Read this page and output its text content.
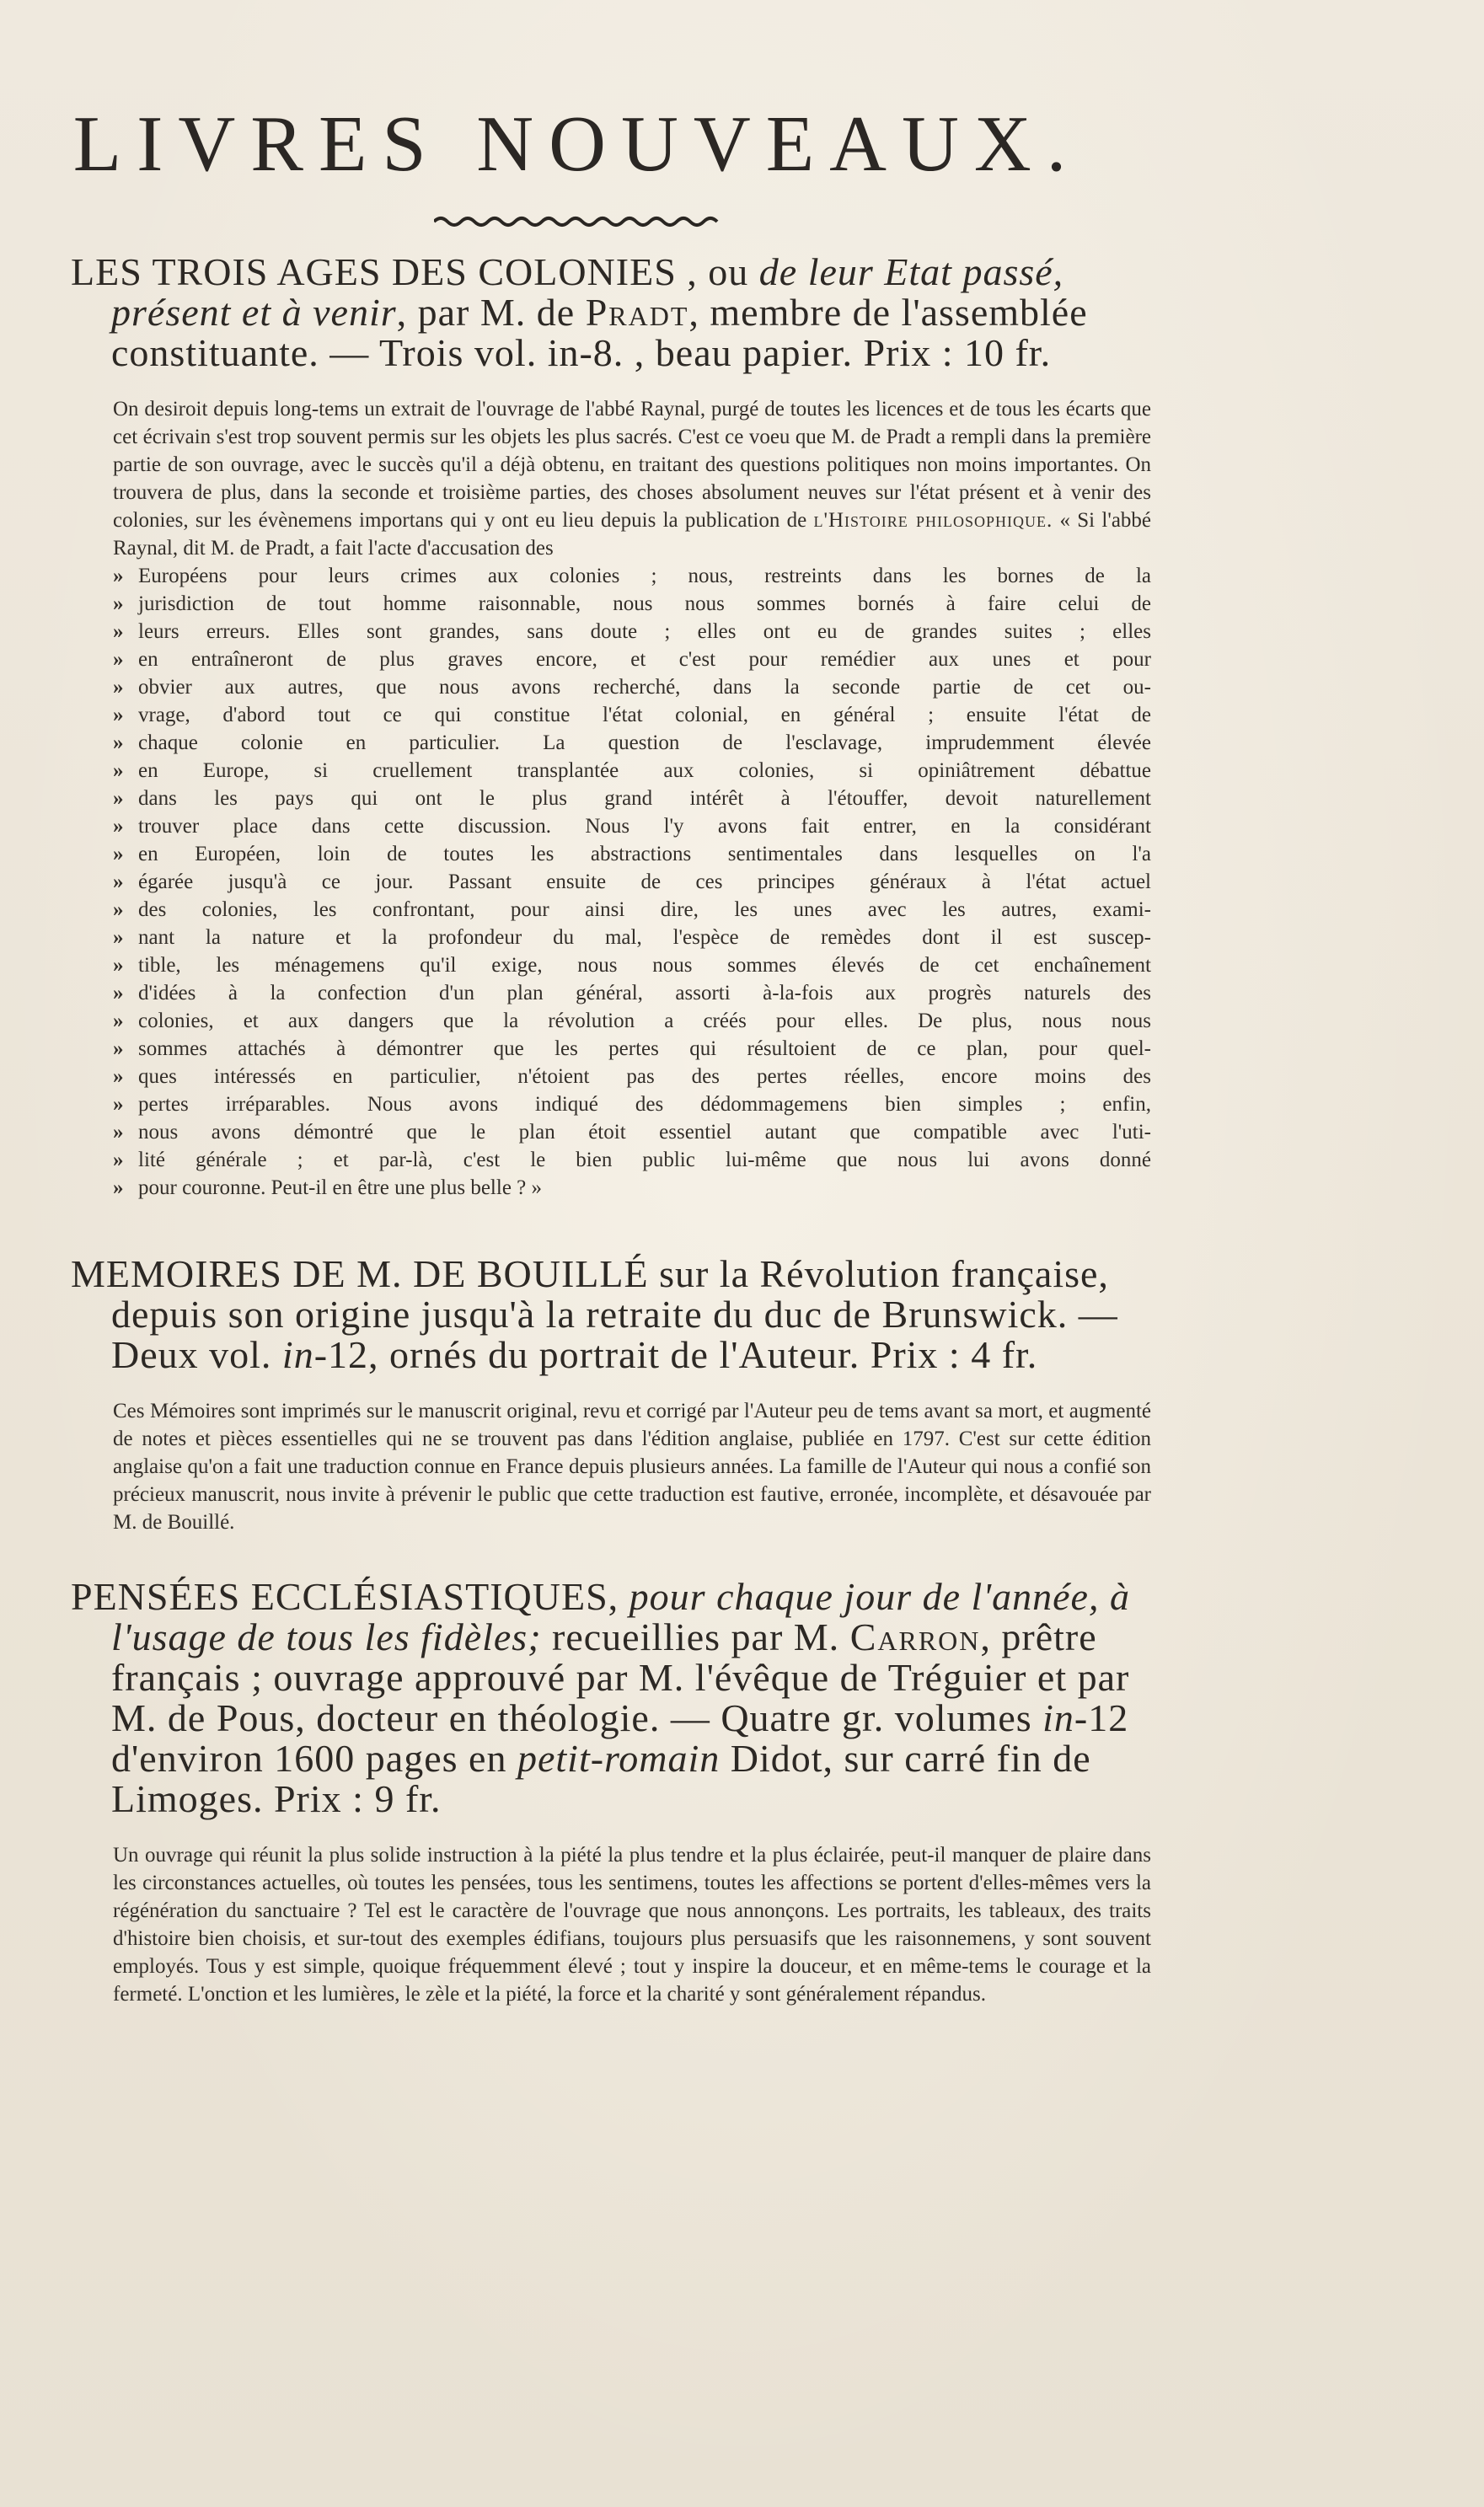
LIVRES NOUVEAUX.

LES TROIS AGES DES COLONIES , ou de leur Etat passé, présent et à venir, par M. de Pradt, membre de l'assemblée constituante. — Trois vol. in-8. , beau papier. Prix : 10 fr.

On desiroit depuis long-tems un extrait de l'ouvrage de l'abbé Raynal, purgé de toutes les licences et de tous les écarts que cet écrivain s'est trop souvent permis sur les objets les plus sacrés. C'est ce voeu que M. de Pradt a rempli dans la première partie de son ouvrage, avec le succès qu'il a déjà obtenu, en traitant des questions politiques non moins importantes. On trouvera de plus, dans la seconde et troisième parties, des choses absolument neuves sur l'état présent et à venir des colonies, sur les évènemens importans qui y ont eu lieu depuis la publication de l'Histoire philosophique. « Si l'abbé Raynal, dit M. de Pradt, a fait l'acte d'accusation des

» Européens pour leurs crimes aux colonies ; nous, restreints dans les bornes de la
» jurisdiction de tout homme raisonnable, nous nous sommes bornés à faire celui de
» leurs erreurs. Elles sont grandes, sans doute ; elles ont eu de grandes suites ; elles
» en entraîneront de plus graves encore, et c'est pour remédier aux unes et pour
» obvier aux autres, que nous avons recherché, dans la seconde partie de cet ou-
» vrage, d'abord tout ce qui constitue l'état colonial, en général ; ensuite l'état de
» chaque colonie en particulier. La question de l'esclavage, imprudemment élevée
» en Europe, si cruellement transplantée aux colonies, si opiniâtrement débattue
» dans les pays qui ont le plus grand intérêt à l'étouffer, devoit naturellement
» trouver place dans cette discussion. Nous l'y avons fait entrer, en la considérant
» en Européen, loin de toutes les abstractions sentimentales dans lesquelles on l'a
» égarée jusqu'à ce jour. Passant ensuite de ces principes généraux à l'état actuel
» des colonies, les confrontant, pour ainsi dire, les unes avec les autres, exami-
» nant la nature et la profondeur du mal, l'espèce de remèdes dont il est suscep-
» tible, les ménagemens qu'il exige, nous nous sommes élevés de cet enchaînement
» d'idées à la confection d'un plan général, assorti à-la-fois aux progrès naturels des
» colonies, et aux dangers que la révolution a créés pour elles. De plus, nous nous
» sommes attachés à démontrer que les pertes qui résultoient de ce plan, pour quel-
» ques intéressés en particulier, n'étoient pas des pertes réelles, encore moins des
» pertes irréparables. Nous avons indiqué des dédommagemens bien simples ; enfin,
» nous avons démontré que le plan étoit essentiel autant que compatible avec l'uti-
» lité générale ; et par-là, c'est le bien public lui-même que nous lui avons donné
» pour couronne. Peut-il en être une plus belle ? »

MEMOIRES DE M. DE BOUILLÉ sur la Révolution française, depuis son origine jusqu'à la retraite du duc de Brunswick. — Deux vol. in-12, ornés du portrait de l'Auteur. Prix : 4 fr.

Ces Mémoires sont imprimés sur le manuscrit original, revu et corrigé par l'Auteur peu de tems avant sa mort, et augmenté de notes et pièces essentielles qui ne se trouvent pas dans l'édition anglaise, publiée en 1797. C'est sur cette édition anglaise qu'on a fait une traduction connue en France depuis plusieurs années. La famille de l'Auteur qui nous a confié son précieux manuscrit, nous invite à prévenir le public que cette traduction est fautive, erronée, incomplète, et désavouée par M. de Bouillé.

PENSÉES ECCLÉSIASTIQUES, pour chaque jour de l'année, à l'usage de tous les fidèles; recueillies par M. Carron, prêtre français ; ouvrage approuvé par M. l'évêque de Tréguier et par M. de Pous, docteur en théologie. — Quatre gr. volumes in-12 d'environ 1600 pages en petit-romain Didot, sur carré fin de Limoges. Prix : 9 fr.

Un ouvrage qui réunit la plus solide instruction à la piété la plus tendre et la plus éclairée, peut-il manquer de plaire dans les circonstances actuelles, où toutes les pensées, tous les sentimens, toutes les affections se portent d'elles-mêmes vers la régénération du sanctuaire ? Tel est le caractère de l'ouvrage que nous annonçons. Les portraits, les tableaux, des traits d'histoire bien choisis, et sur-tout des exemples édifians, toujours plus persuasifs que les raisonnemens, y sont souvent employés. Tous y est simple, quoique fréquemment élevé ; tout y inspire la douceur, et en même-tems le courage et la fermeté. L'onction et les lumières, le zèle et la piété, la force et la charité y sont généralement répandus.
